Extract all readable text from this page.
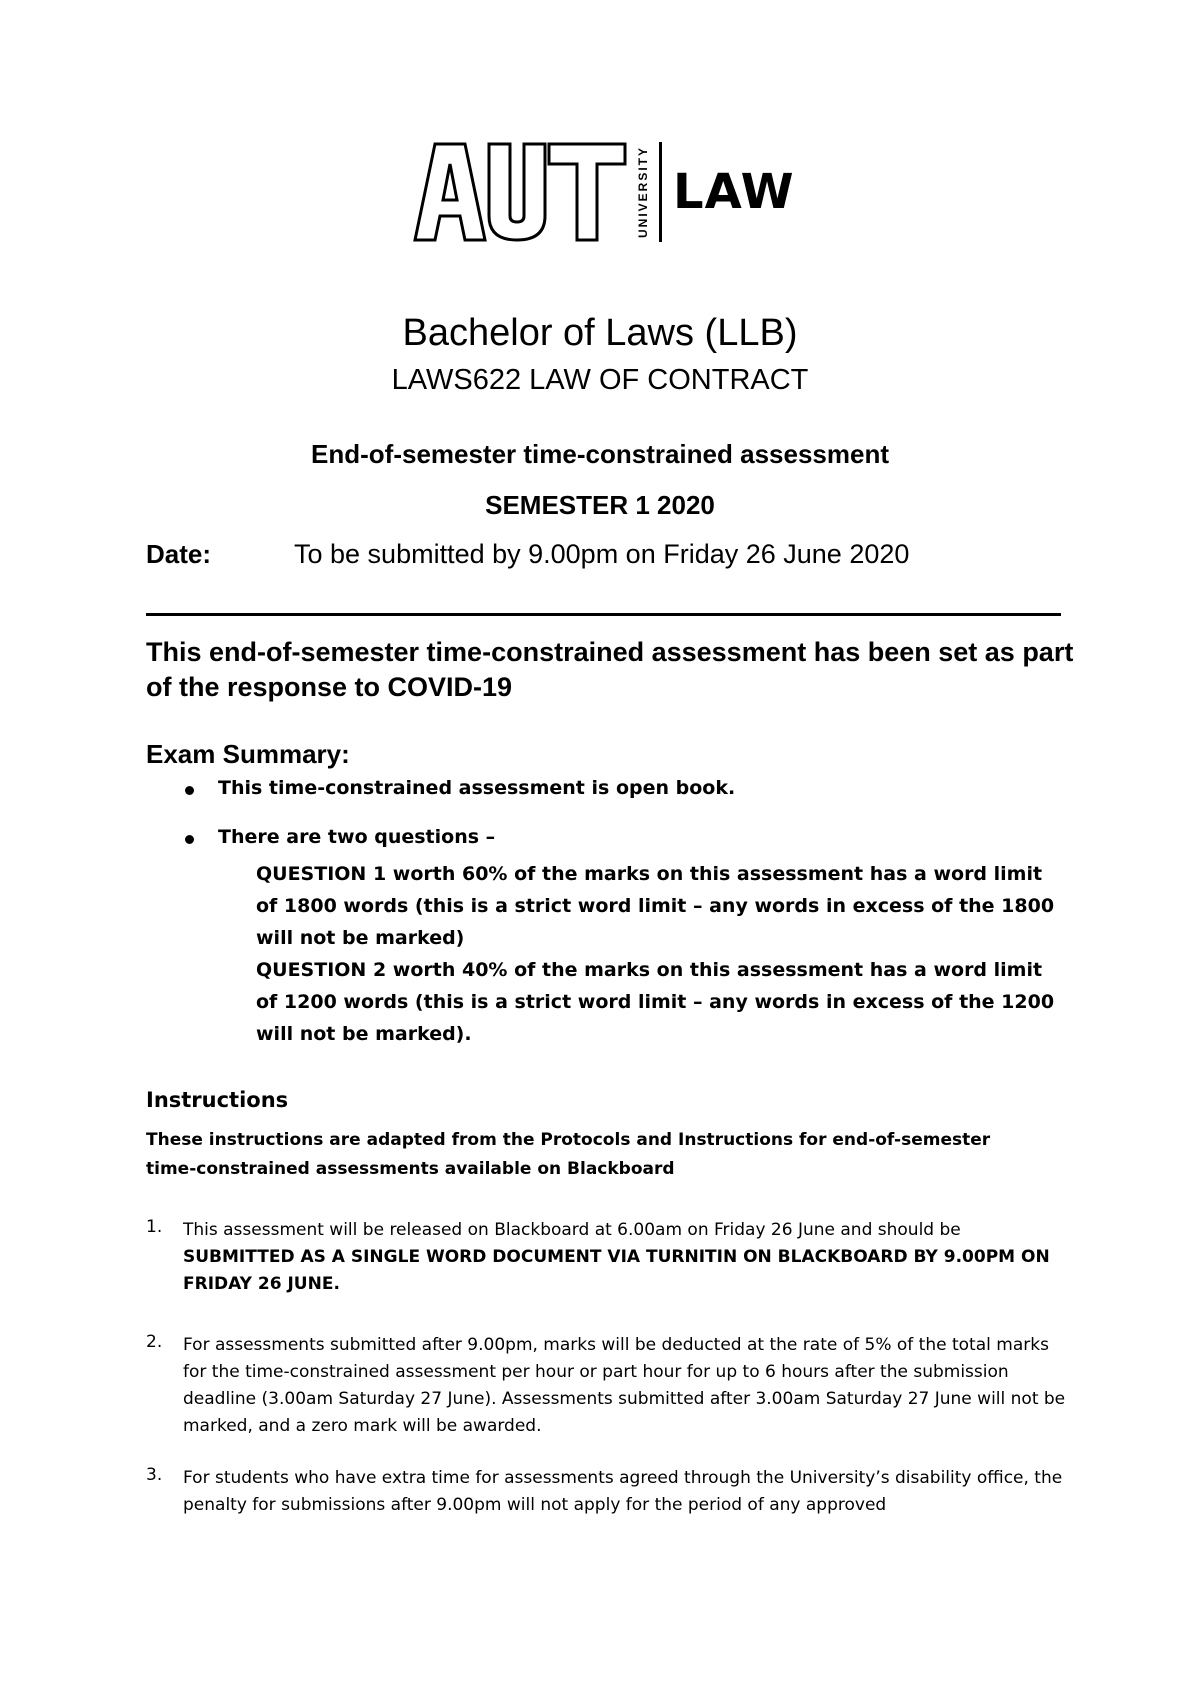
UNIVERSITY LAW
Bachelor of Laws (LLB)
LAWS622 LAW OF CONTRACT
End-of-semester time-constrained assessment
SEMESTER 1 2020
Date:	To be submitted by 9.00pm on Friday 26 June 2020
This end-of-semester time-constrained assessment has been set as part of the response to COVID-19
Exam Summary:
This time-constrained assessment is open book.
There are two questions –
QUESTION 1 worth 60% of the marks on this assessment has a word limit of 1800 words (this is a strict word limit – any words in excess of the 1800 will not be marked)
QUESTION 2 worth 40% of the marks on this assessment has a word limit of 1200 words (this is a strict word limit – any words in excess of the 1200 will not be marked).
Instructions
These instructions are adapted from the Protocols and Instructions for end-of-semester time-constrained assessments available on Blackboard
1. This assessment will be released on Blackboard at 6.00am on Friday 26 June and should be SUBMITTED AS A SINGLE WORD DOCUMENT VIA TURNITIN ON BLACKBOARD BY 9.00PM ON FRIDAY 26 JUNE.
2. For assessments submitted after 9.00pm, marks will be deducted at the rate of 5% of the total marks for the time-constrained assessment per hour or part hour for up to 6 hours after the submission deadline (3.00am Saturday 27 June). Assessments submitted after 3.00am Saturday 27 June will not be marked, and a zero mark will be awarded.
3. For students who have extra time for assessments agreed through the University’s disability office, the penalty for submissions after 9.00pm will not apply for the period of any approved
